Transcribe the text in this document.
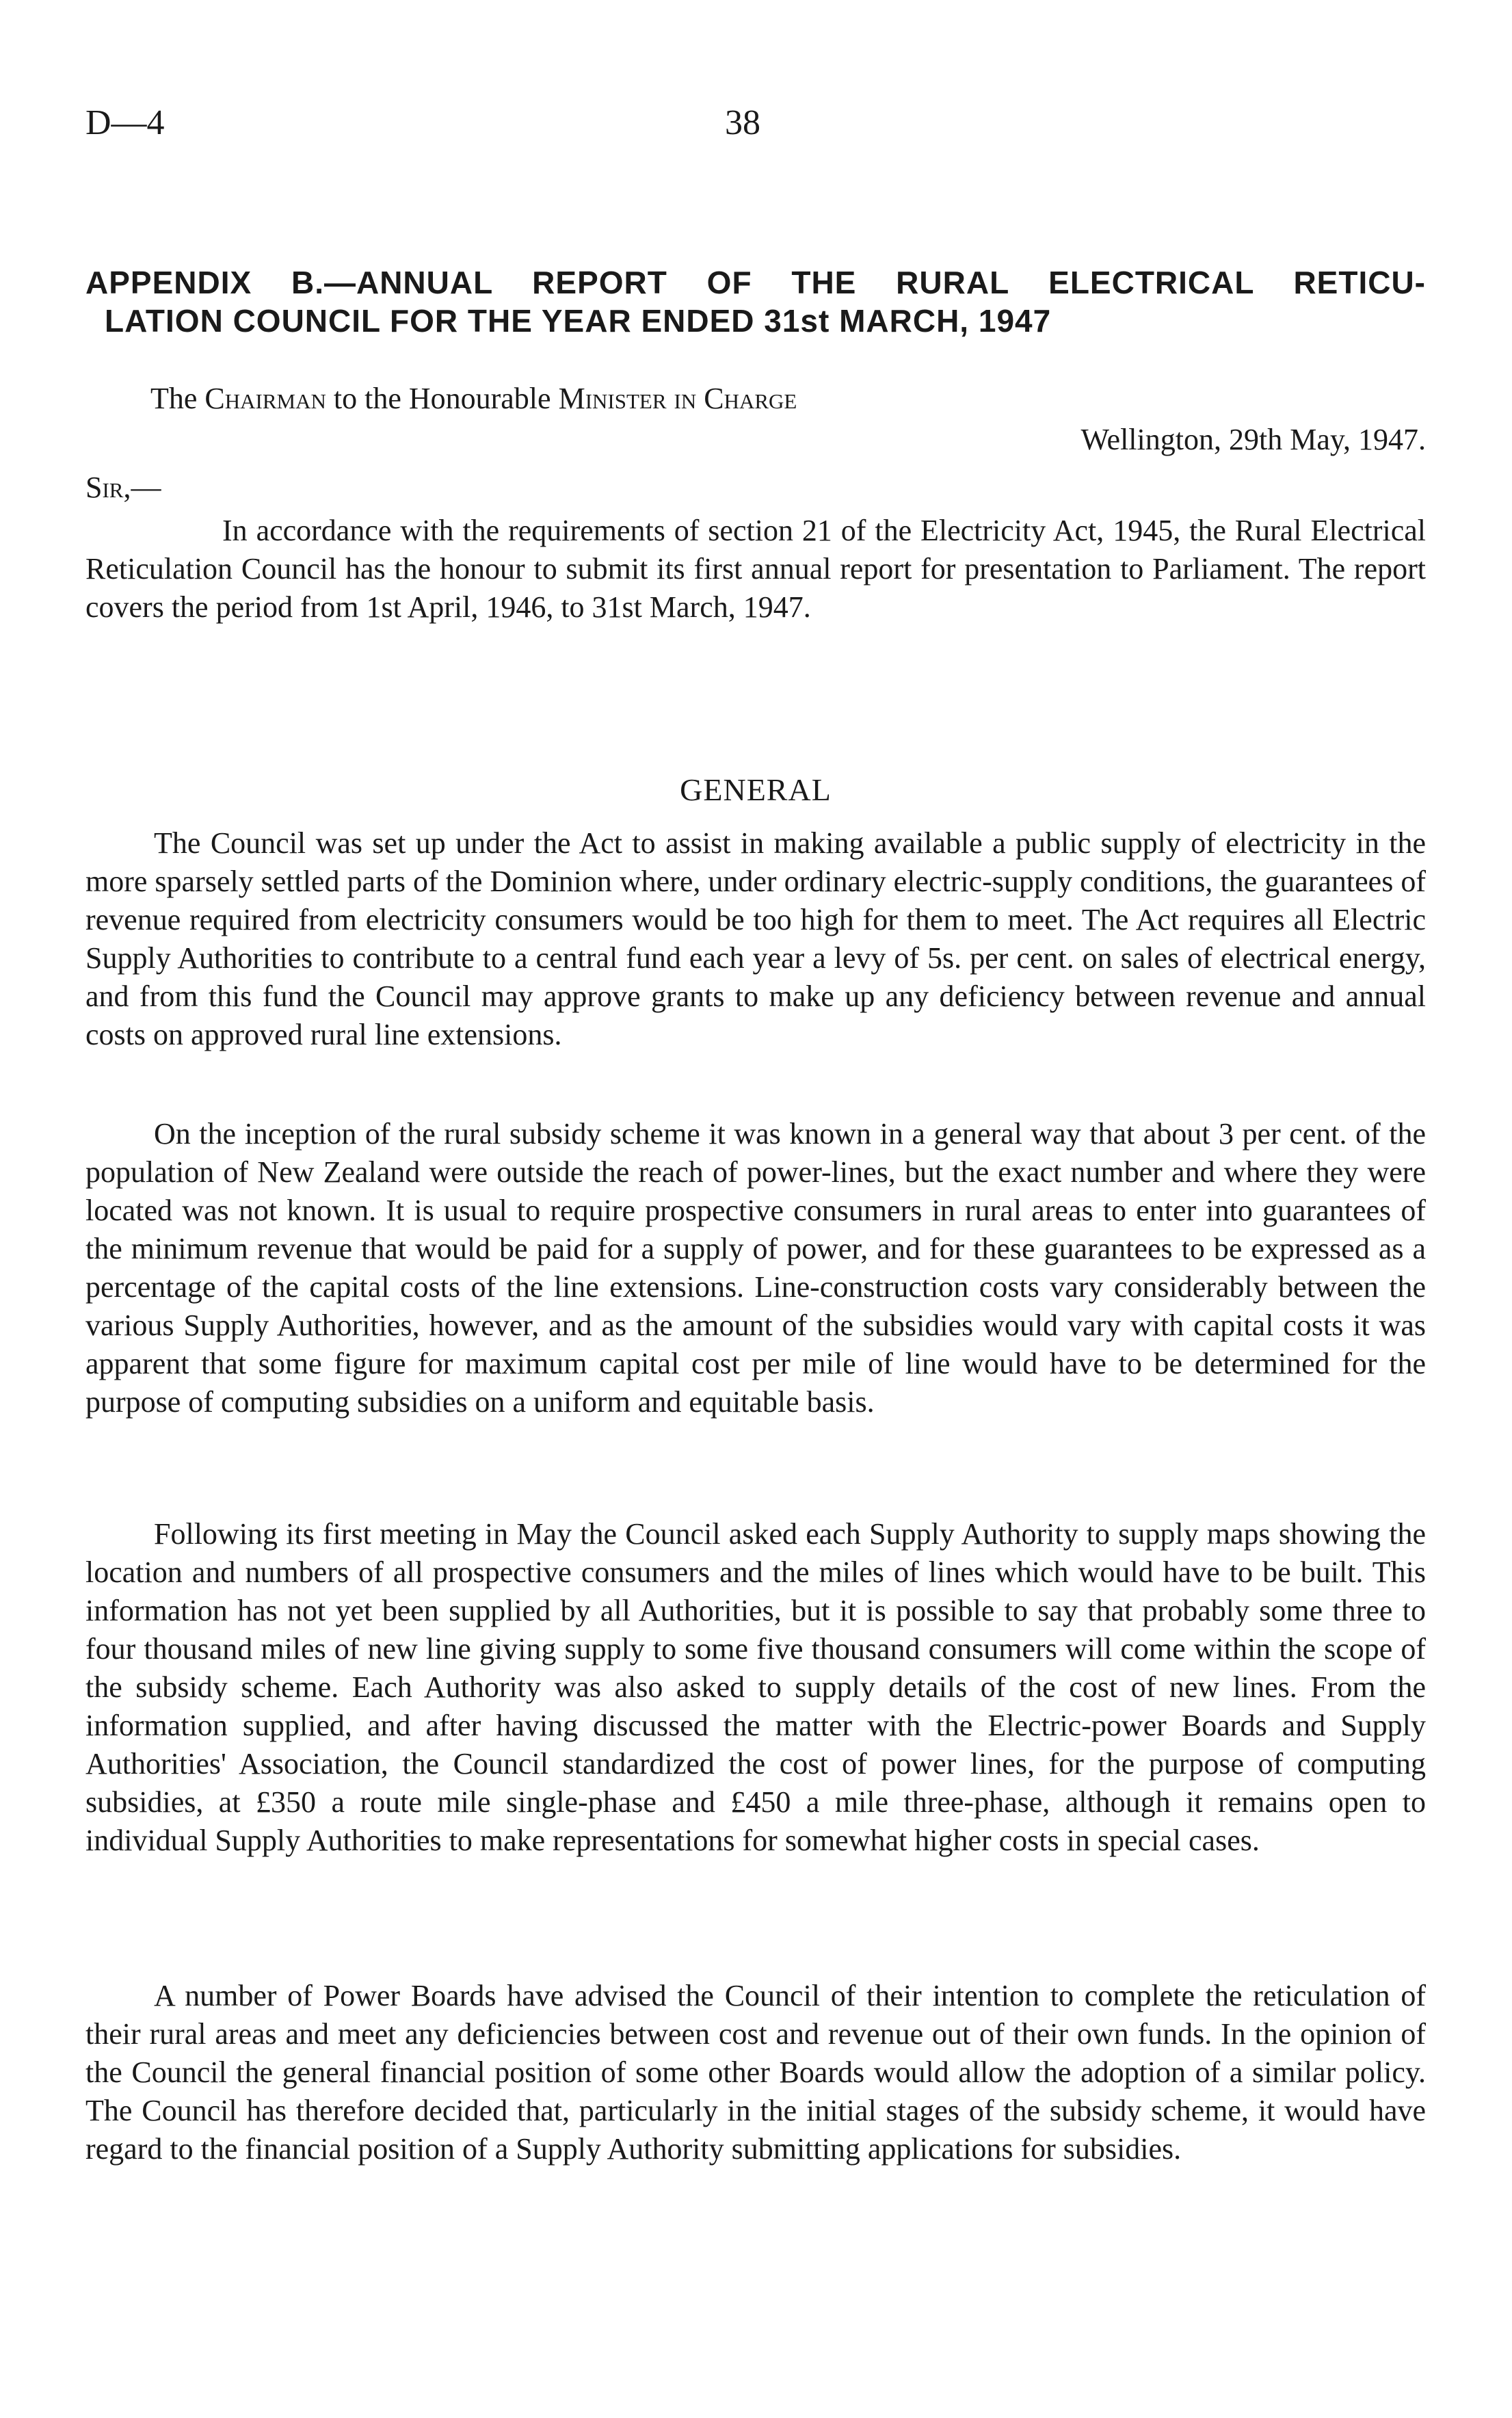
D—4	38
APPENDIX B.—ANNUAL REPORT OF THE RURAL ELECTRICAL RETICU-
LATION COUNCIL FOR THE YEAR ENDED 31st MARCH, 1947
The Chairman to the Honourable Minister in Charge
Wellington, 29th May, 1947.
Sir,—

In accordance with the requirements of section 21 of the Electricity Act, 1945, the Rural Electrical Reticulation Council has the honour to submit its first annual report for presentation to Parliament. The report covers the period from 1st April, 1946, to 31st March, 1947.

GENERAL

The Council was set up under the Act to assist in making available a public supply of electricity in the more sparsely settled parts of the Dominion where, under ordinary electric-supply conditions, the guarantees of revenue required from electricity consumers would be too high for them to meet. The Act requires all Electric Supply Authorities to contribute to a central fund each year a levy of 5s. per cent. on sales of electrical energy, and from this fund the Council may approve grants to make up any deficiency between revenue and annual costs on approved rural line extensions.

On the inception of the rural subsidy scheme it was known in a general way that about 3 per cent. of the population of New Zealand were outside the reach of power-lines, but the exact number and where they were located was not known. It is usual to require prospective consumers in rural areas to enter into guarantees of the minimum revenue that would be paid for a supply of power, and for these guarantees to be expressed as a percentage of the capital costs of the line extensions. Line-construction costs vary considerably between the various Supply Authorities, however, and as the amount of the subsidies would vary with capital costs it was apparent that some figure for maximum capital cost per mile of line would have to be determined for the purpose of computing subsidies on a uniform and equitable basis.

Following its first meeting in May the Council asked each Supply Authority to supply maps showing the location and numbers of all prospective consumers and the miles of lines which would have to be built. This information has not yet been supplied by all Authorities, but it is possible to say that probably some three to four thousand miles of new line giving supply to some five thousand consumers will come within the scope of the subsidy scheme. Each Authority was also asked to supply details of the cost of new lines. From the information supplied, and after having discussed the matter with the Electric-power Boards and Supply Authorities' Association, the Council standardized the cost of power lines, for the purpose of computing subsidies, at £350 a route mile single-phase and £450 a mile three-phase, although it remains open to individual Supply Authorities to make representations for somewhat higher costs in special cases.

A number of Power Boards have advised the Council of their intention to complete the reticulation of their rural areas and meet any deficiencies between cost and revenue out of their own funds. In the opinion of the Council the general financial position of some other Boards would allow the adoption of a similar policy. The Council has therefore decided that, particularly in the initial stages of the subsidy scheme, it would have regard to the financial position of a Supply Authority submitting applications for subsidies.
